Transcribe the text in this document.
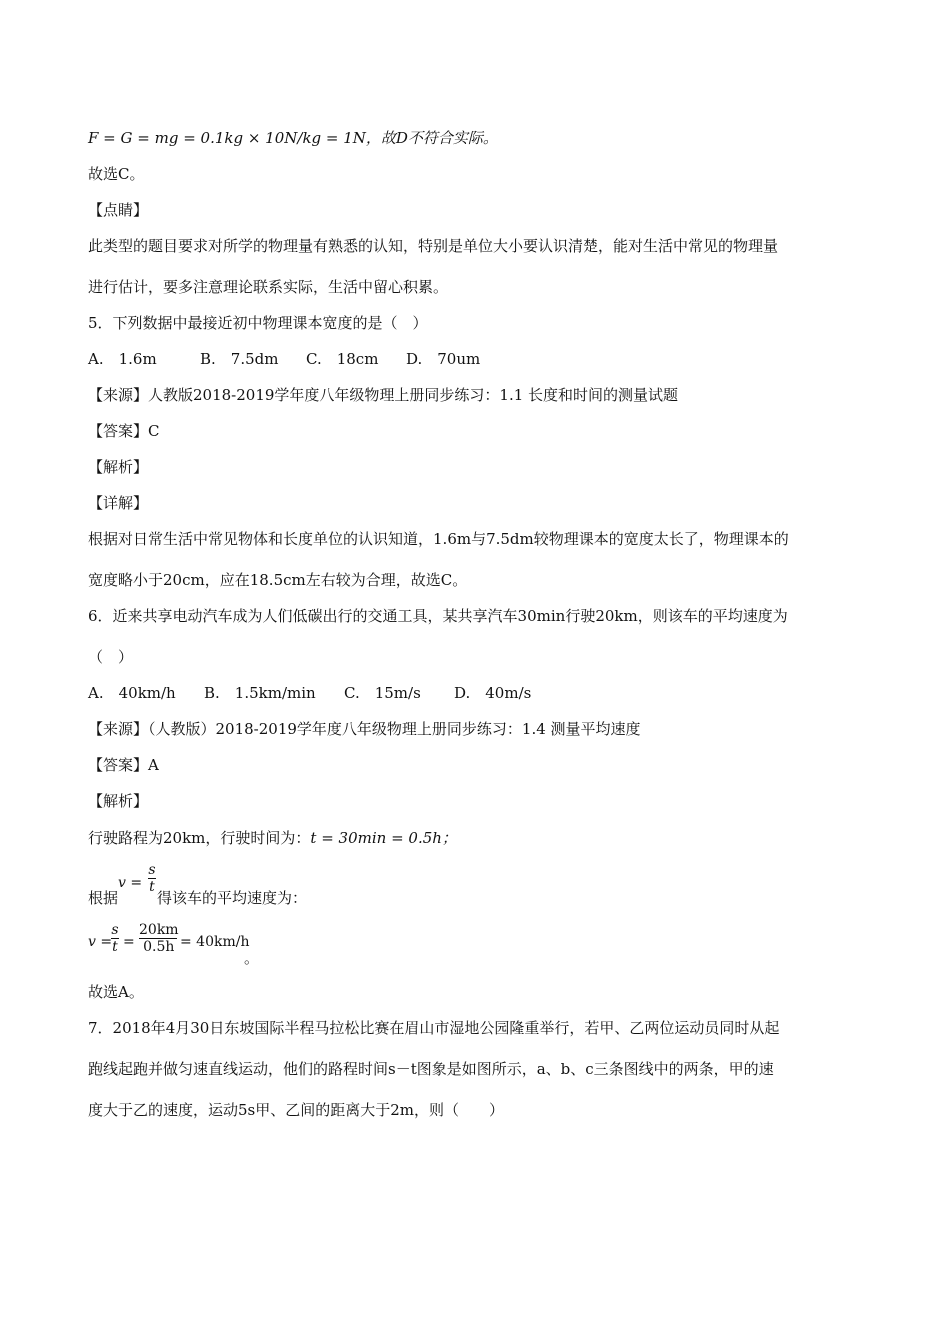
F = G = mg = 0.1kg × 10N/kg = 1N，故D不符合实际。
故选C。
【点睛】
此类型的题目要求对所学的物理量有熟悉的认知，特别是单位大小要认识清楚，能对生活中常见的物理量
进行估计，要多注意理论联系实际，生活中留心积累。
5．下列数据中最接近初中物理课本宽度的是（　）
A.　1.6m	B.　7.5dm C.　18cm D.　70um
【来源】人教版2018-2019学年度八年级物理上册同步练习：1.1 长度和时间的测量试题
【答案】C
【解析】
【详解】
根据对日常生活中常见物体和长度单位的认识知道，1.6m与7.5dm较物理课本的宽度太长了，物理课本的
宽度略小于20cm，应在18.5cm左右较为合理，故选C。
6．近来共享电动汽车成为人们低碳出行的交通工具，某共享汽车30min行驶20km，则该车的平均速度为
（　）
A.　40km/h B.　1.5km/min C.　15m/s D.　40m/s
【来源】（人教版）2018-2019学年度八年级物理上册同步练习：1.4 测量平均速度
【答案】A
【解析】
行驶路程为20km，行驶时间为：t = 30min = 0.5h；
根据
v =
s
t
得该车的平均速度为：
v =
s
t =
20km
0.5h = 40km/h
。
故选A。
7．2018年4月30日东坡国际半程马拉松比赛在眉山市湿地公园隆重举行，若甲、乙两位运动员同时从起
跑线起跑并做匀速直线运动，他们的路程时间s－t图象是如图所示，a、b、c三条图线中的两条，甲的速
度大于乙的速度，运动5s甲、乙间的距离大于2m，则（　　）
